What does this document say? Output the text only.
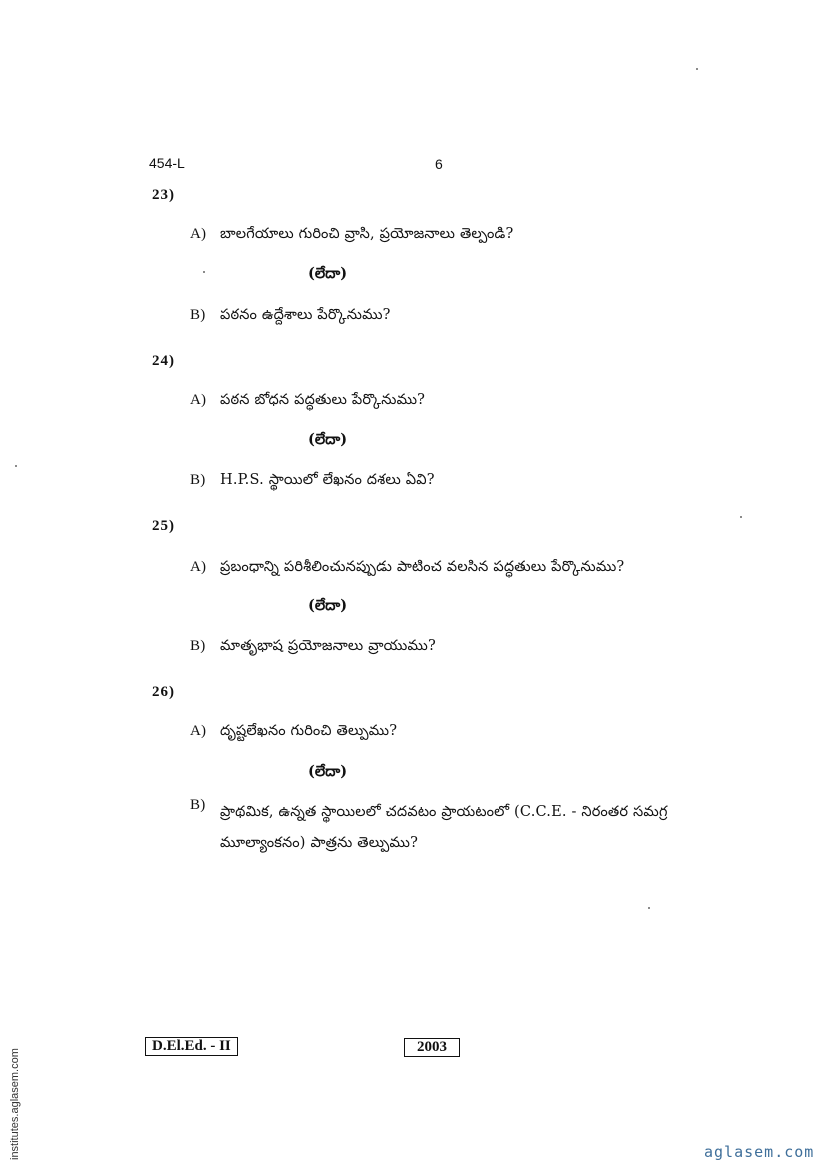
454-L	6
23)
A) బాలగేయాలు గురించి వ్రాసి, ప్రయోజనాలు తెల్పండి?
(లేదా)
B) పఠనం ఉద్దేశాలు పేర్కొనుము?
24)
A) పఠన బోధన పద్ధతులు పేర్కొనుము?
(లేదా)
B) H.P.S. స్థాయిలో లేఖనం దశలు ఏవి?
25)
A) ప్రబంధాన్ని పరిశీలించునప్పుడు పాటించ వలసిన పద్ధతులు పేర్కొనుము?
(లేదా)
B) మాతృభాష ప్రయోజనాలు వ్రాయుము?
26)
A) దృష్టలేఖనం గురించి తెల్పుము?
(లేదా)
B)	ప్రాథమిక, ఉన్నత స్థాయిలలో చదవటం ప్రాయటంలో (C.C.E. - నిరంతర సమగ్ర మూల్యాంకనం) పాత్రను తెల్పుము?
D.El.Ed. - II	2003
institutes.aglasem.com	aglasem.com
